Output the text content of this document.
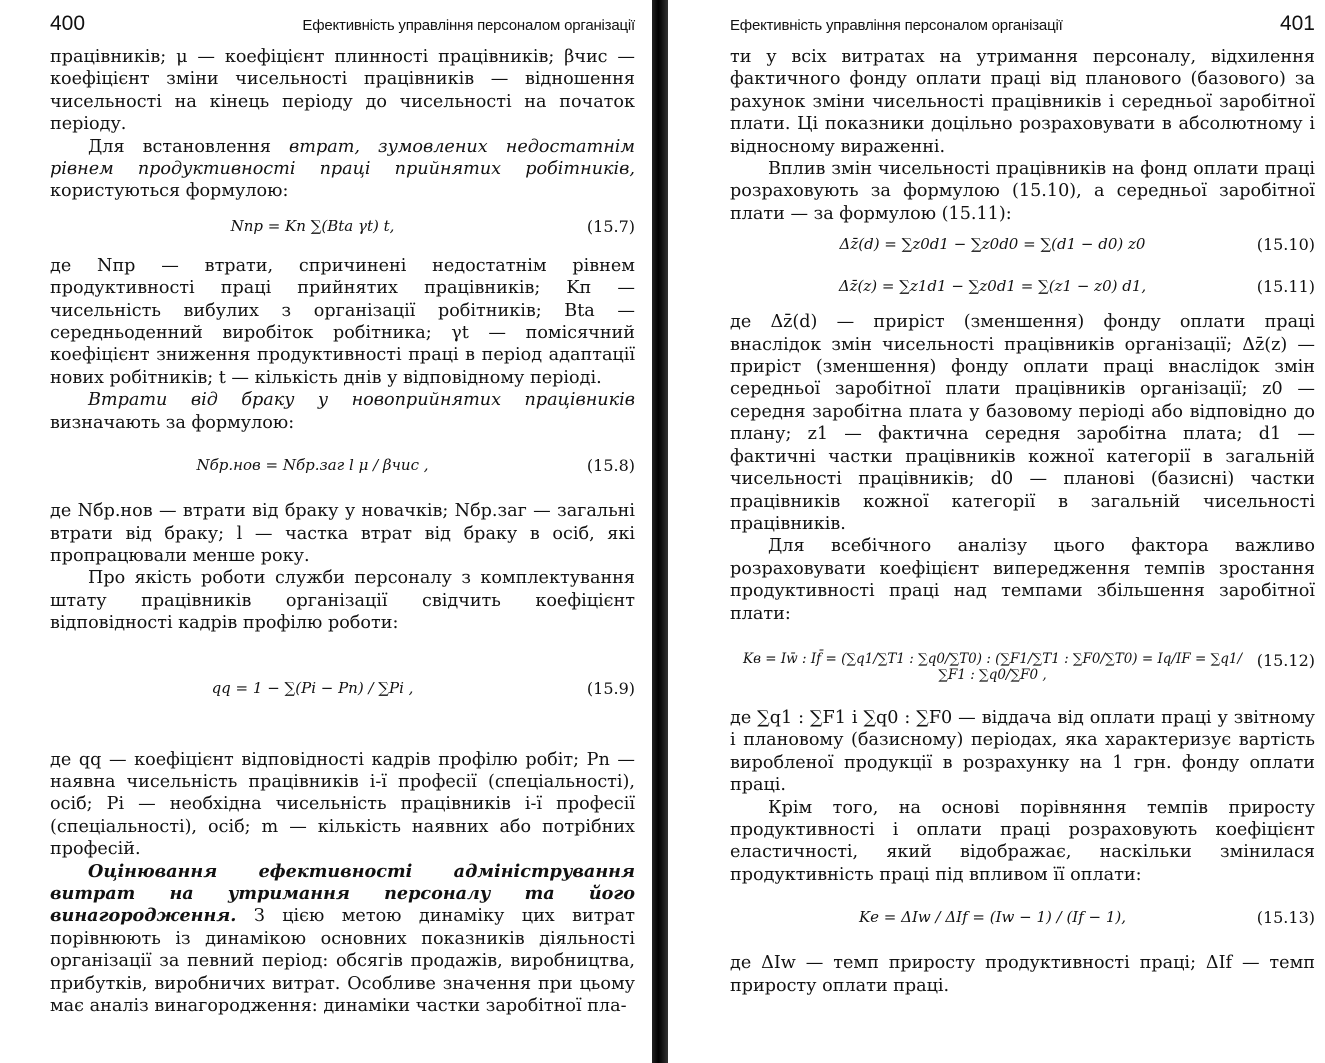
400	Ефективність управління персоналом організації

працівників; μ — коефіцієнт плинності працівників; βчис — коефіцієнт зміни чисельності працівників — відношення чисельності на кінець періоду до чисельності на початок періоду.

Для встановлення втрат, зумовлених недостатнім рівнем продуктивності праці прийнятих робітників, користуються формулою:

Nпр = Kп ∑(Bta γt) t,	(15.7)

де Nпр — втрати, спричинені недостатнім рівнем продуктивності праці прийнятих працівників; Kп — чисельність вибулих з організації робітників; Bta — середньоденний виробіток робітника; γt — помісячний коефіцієнт зниження продуктивності праці в період адаптації нових робітників; t — кількість днів у відповідному періоді.

Втрати від браку у новоприйнятих працівників визначають за формулою:

Nбр.нов = Nбр.заг l μ / βчис ,	(15.8)

де Nбр.нов — втрати від браку у новачків; Nбр.заг — загальні втрати від браку; l — частка втрат від браку в осіб, які пропрацювали менше року.

Про якість роботи служби персоналу з комплектування штату працівників організації свідчить коефіцієнт відповідності кадрів профілю роботи:

qq = 1 − ∑(Pi − Pn) / ∑Pi ,	(15.9)

де qq — коефіцієнт відповідності кадрів профілю робіт; Pn — наявна чисельність працівників i-ї професії (спеціальності), осіб; Pi — необхідна чисельність працівників i-ї професії (спеціальності), осіб; m — кількість наявних або потрібних професій.

Оцінювання ефективності адміністрування витрат на утримання персоналу та його винагородження. З цією метою динаміку цих витрат порівнюють із динамікою основних показників діяльності організації за певний період: обсягів продажів, виробництва, прибутків, виробничих витрат. Особливе значення при цьому має аналіз винагородження: динаміки частки заробітної пла-

Ефективність управління персоналом організації	401

ти у всіх витратах на утримання персоналу, відхилення фактичного фонду оплати праці від планового (базового) за рахунок зміни чисельності працівників і середньої заробітної плати. Ці показники доцільно розраховувати в абсолютному і відносному вираженні.

Вплив змін чисельності працівників на фонд оплати праці розраховують за формулою (15.10), а середньої заробітної плати — за формулою (15.11):

Δz̄(d) = ∑z0d1 − ∑z0d0 = ∑(d1 − d0) z0	(15.10)
Δz̄(z) = ∑z1d1 − ∑z0d1 = ∑(z1 − z0) d1,	(15.11)

де Δz̄(d) — приріст (зменшення) фонду оплати праці внаслідок змін чисельності працівників організації; Δz̄(z) — приріст (зменшення) фонду оплати праці внаслідок змін середньої заробітної плати працівників організації; z0 — середня заробітна плата у базовому періоді або відповідно до плану; z1 — фактична середня заробітна плата; d1 — фактичні частки працівників кожної категорії в загальній чисельності працівників; d0 — планові (базисні) частки працівників кожної категорії в загальній чисельності працівників.

Для всебічного аналізу цього фактора важливо розраховувати коефіцієнт випередження темпів зростання продуктивності праці над темпами збільшення заробітної плати:

Kв = Iw̄ : If̄ = (∑q1/∑T1 : ∑q0/∑T0) : (∑F1/∑T1 : ∑F0/∑T0) = Iq/IF = ∑q1/∑F1 : ∑q0/∑F0 ,
(15.12)

де ∑q1 : ∑F1 і ∑q0 : ∑F0 — віддача від оплати праці у звітному і плановому (базисному) періодах, яка характеризує вартість виробленої продукції в розрахунку на 1 грн. фонду оплати праці.

Крім того, на основі порівняння темпів приросту продуктивності і оплати праці розраховують коефіцієнт еластичності, який відображає, наскільки змінилася продуктивність праці під впливом її оплати:

Kе = ΔIw / ΔIf = (Iw − 1) / (If − 1),	(15.13)

де ΔIw — темп приросту продуктивності праці; ΔIf — темп приросту оплати праці.
